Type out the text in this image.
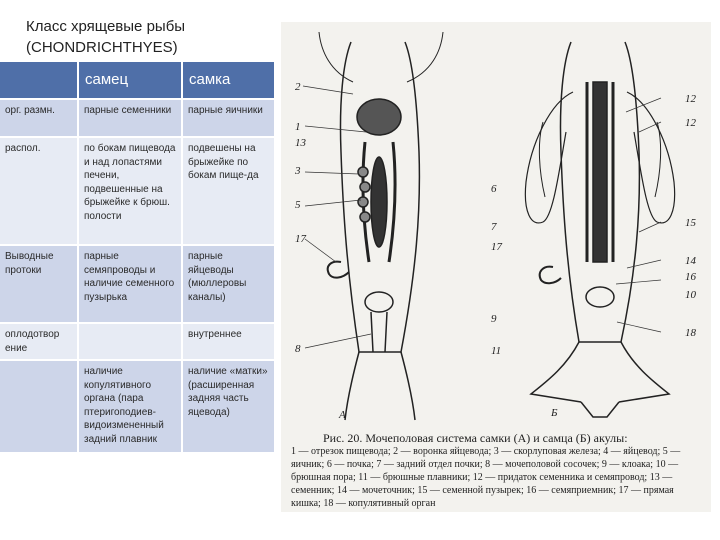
Класс хрящевые рыбы
(CHONDRICHTHYES)
	самец	самка
орг. размн.	парные семенники	парные яичники
распол.	по бокам пищевода и над лопастями печени, подвешенные на брыжейке к брюш. полости	подвешены на брыжейке по бокам пище-да
Выводные протоки	парные семяпроводы и наличие семенного пузырька	парные яйцеводы (мюллеровы каналы)
оплодотвор ение		внутреннее
	наличие копулятивного органа (пара птеригоподиев-видоизмененный задний плавник	наличие «матки» (расширенная задняя часть яцевода)
2
1
13
3
5
17
8
12
12
6
7
17
15
14
16
10
9
18
11
А	Б
Рис. 20. Мочеполовая система самки (А) и самца (Б) акулы:
1 — отрезок пищевода; 2 — воронка яйцевода; 3 — скорлуповая железа; 4 — яйцевод; 5 — яичник; 6 — почка; 7 — задний отдел почки; 8 — мочеполовой сосочек; 9 — клоака; 10 — брюшная пора; 11 — брюшные плавники; 12 — придаток семенника и семяпровод; 13 — семенник; 14 — мочеточник; 15 — семенной пузырек; 16 — семяприемник; 17 — прямая кишка; 18 — копулятивный орган
